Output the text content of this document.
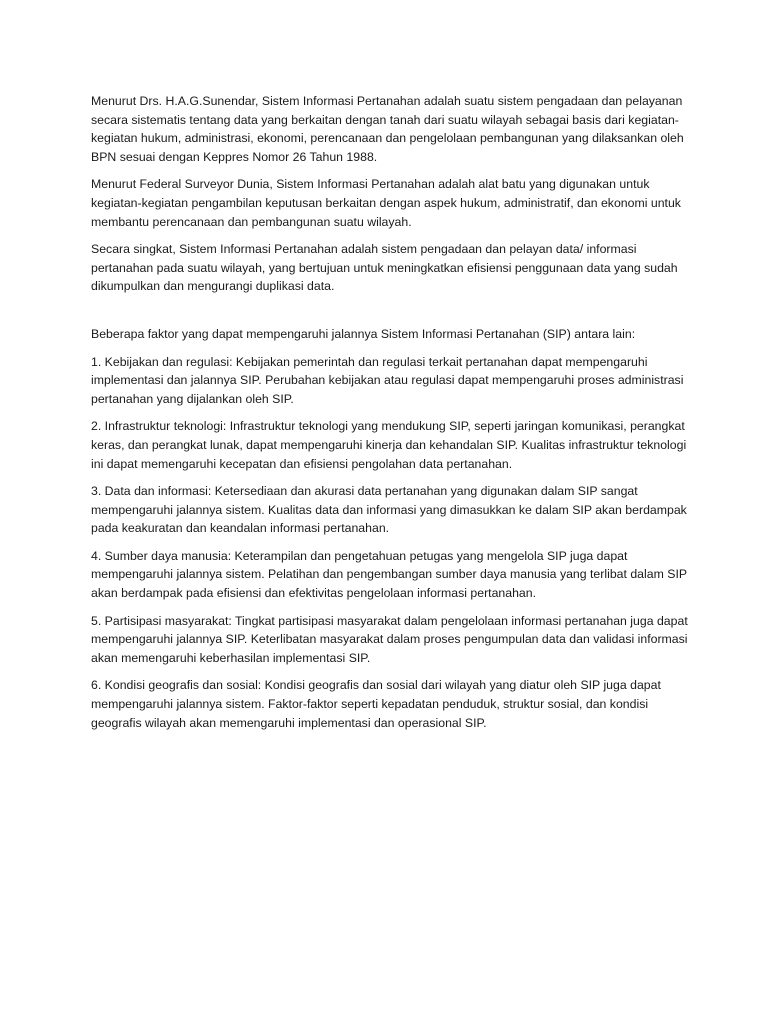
Menurut Drs. H.A.G.Sunendar, Sistem Informasi Pertanahan adalah suatu sistem pengadaan dan pelayanan secara sistematis tentang data yang berkaitan dengan tanah dari suatu wilayah sebagai basis dari kegiatan-kegiatan hukum, administrasi, ekonomi, perencanaan dan pengelolaan pembangunan yang dilaksankan oleh BPN sesuai dengan Keppres Nomor 26 Tahun 1988.

Menurut Federal Surveyor Dunia, Sistem Informasi Pertanahan adalah alat batu yang digunakan untuk kegiatan-kegiatan pengambilan keputusan berkaitan dengan aspek hukum, administratif, dan ekonomi untuk membantu perencanaan dan pembangunan suatu wilayah.

Secara singkat, Sistem Informasi Pertanahan adalah sistem pengadaan dan pelayan data/ informasi pertanahan pada suatu wilayah, yang bertujuan untuk meningkatkan efisiensi penggunaan data yang sudah dikumpulkan dan mengurangi duplikasi data.

Beberapa faktor yang dapat mempengaruhi jalannya Sistem Informasi Pertanahan (SIP) antara lain:

1. Kebijakan dan regulasi: Kebijakan pemerintah dan regulasi terkait pertanahan dapat mempengaruhi implementasi dan jalannya SIP. Perubahan kebijakan atau regulasi dapat mempengaruhi proses administrasi pertanahan yang dijalankan oleh SIP.

2. Infrastruktur teknologi: Infrastruktur teknologi yang mendukung SIP, seperti jaringan komunikasi, perangkat keras, dan perangkat lunak, dapat mempengaruhi kinerja dan kehandalan SIP. Kualitas infrastruktur teknologi ini dapat memengaruhi kecepatan dan efisiensi pengolahan data pertanahan.

3. Data dan informasi: Ketersediaan dan akurasi data pertanahan yang digunakan dalam SIP sangat mempengaruhi jalannya sistem. Kualitas data dan informasi yang dimasukkan ke dalam SIP akan berdampak pada keakuratan dan keandalan informasi pertanahan.

4. Sumber daya manusia: Keterampilan dan pengetahuan petugas yang mengelola SIP juga dapat mempengaruhi jalannya sistem. Pelatihan dan pengembangan sumber daya manusia yang terlibat dalam SIP akan berdampak pada efisiensi dan efektivitas pengelolaan informasi pertanahan.

5. Partisipasi masyarakat: Tingkat partisipasi masyarakat dalam pengelolaan informasi pertanahan juga dapat mempengaruhi jalannya SIP. Keterlibatan masyarakat dalam proses pengumpulan data dan validasi informasi akan memengaruhi keberhasilan implementasi SIP.

6. Kondisi geografis dan sosial: Kondisi geografis dan sosial dari wilayah yang diatur oleh SIP juga dapat mempengaruhi jalannya sistem. Faktor-faktor seperti kepadatan penduduk, struktur sosial, dan kondisi geografis wilayah akan memengaruhi implementasi dan operasional SIP.
